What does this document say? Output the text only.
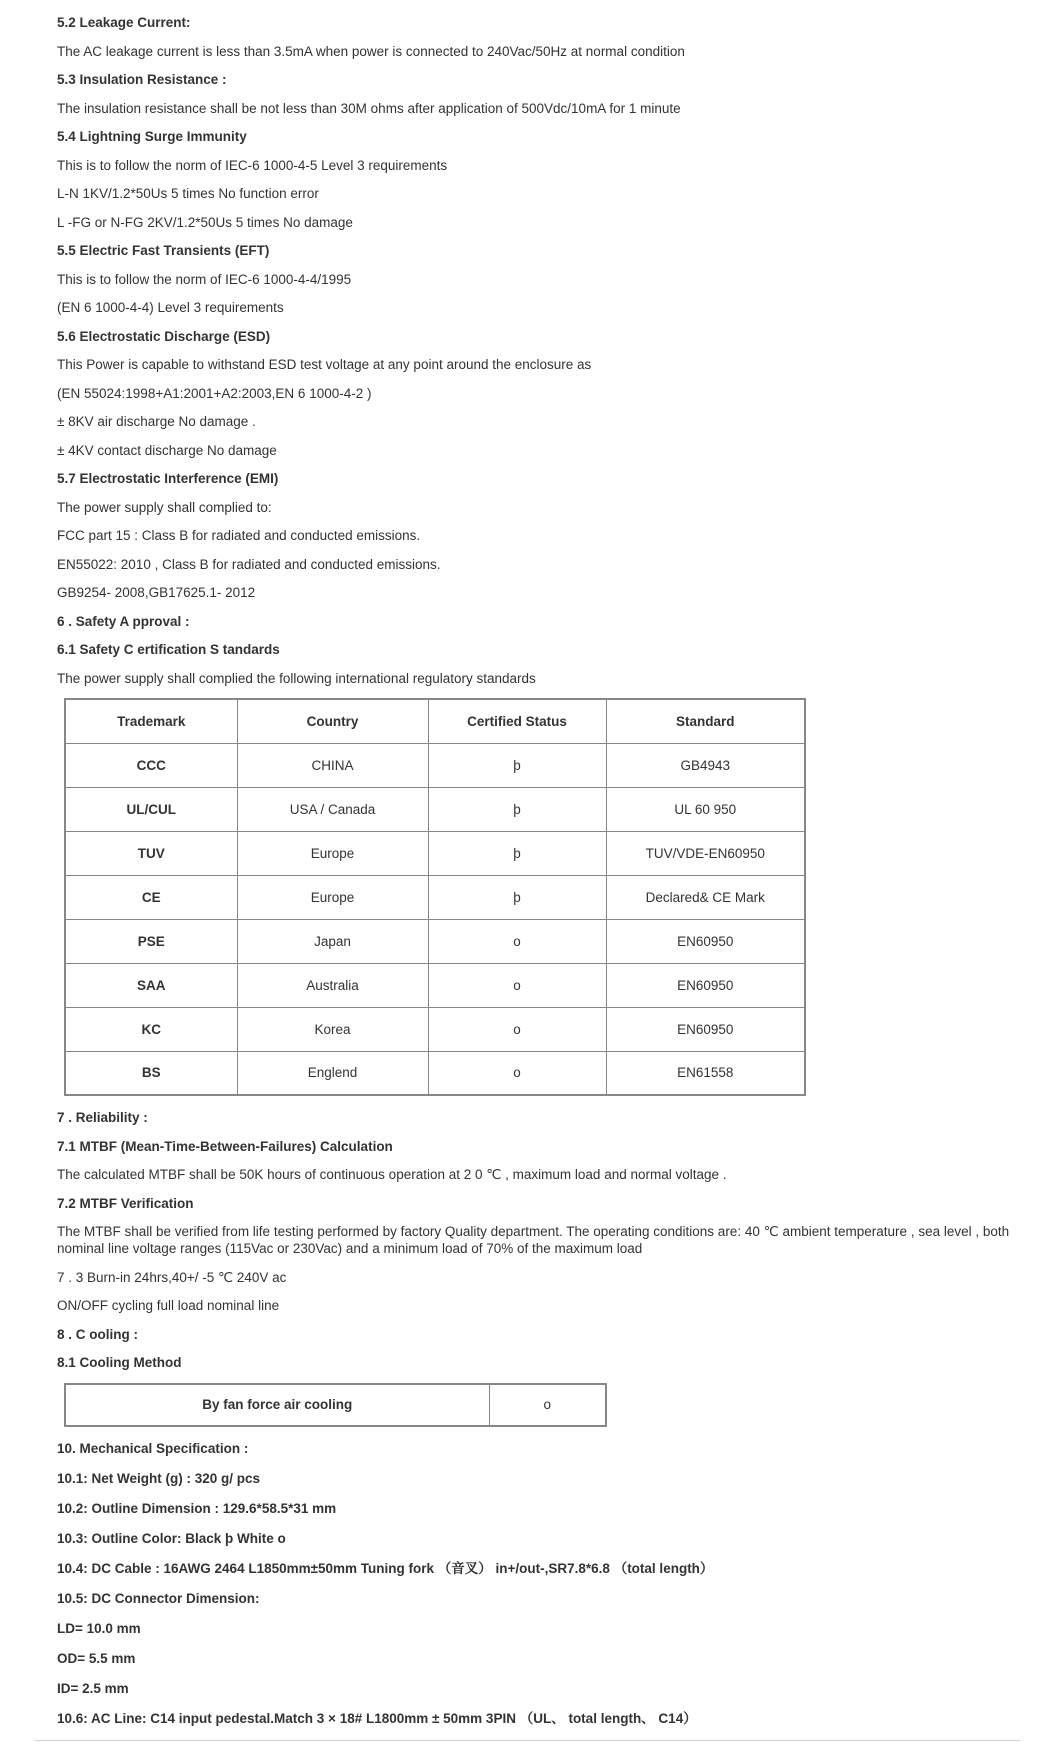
5.2 Leakage Current:

The AC leakage current is less than 3.5mA when power is connected to 240Vac/50Hz at normal condition

5.3 Insulation Resistance :

The insulation resistance shall be not less than 30M ohms after application of 500Vdc/10mA for 1 minute

5.4 Lightning Surge Immunity

This is to follow the norm of IEC-6 1000-4-5 Level 3 requirements

L-N 1KV/1.2*50Us 5 times No function error

L -FG or N-FG 2KV/1.2*50Us 5 times No damage

5.5 Electric Fast Transients (EFT)

This is to follow the norm of IEC-6 1000-4-4/1995

(EN 6 1000-4-4) Level 3 requirements

5.6 Electrostatic Discharge (ESD)

This Power is capable to withstand ESD test voltage at any point around the enclosure as

(EN 55024:1998+A1:2001+A2:2003,EN 6 1000-4-2 )

± 8KV air discharge No damage .

± 4KV contact discharge No damage

5.7 Electrostatic Interference (EMI)

The power supply shall complied to:

FCC part 15 : Class B for radiated and conducted emissions.

EN55022: 2010 , Class B for radiated and conducted emissions.

GB9254- 2008,GB17625.1- 2012

6 . Safety A pproval :

6.1 Safety C ertification S tandards

The power supply shall complied the following international regulatory standards

Trademark	Country	Certified Status	Standard
CCC	CHINA	þ	GB4943
UL/CUL	USA / Canada	þ	UL 60 950
TUV	Europe	þ	TUV/VDE-EN60950
CE	Europe	þ	Declared& CE Mark
PSE	Japan	o	EN60950
SAA	Australia	o	EN60950
KC	Korea	o	EN60950
BS	Englend	o	EN61558

7 . Reliability :

7.1 MTBF (Mean-Time-Between-Failures) Calculation

The calculated MTBF shall be 50K hours of continuous operation at 2 0 ℃ , maximum load and normal voltage .

7.2 MTBF Verification

The MTBF shall be verified from life testing performed by factory Quality department. The operating conditions are: 40 ℃ ambient temperature , sea level , both nominal line voltage ranges (115Vac or 230Vac) and a minimum load of 70% of the maximum load

7 . 3 Burn-in 24hrs,40+/ -5 ℃ 240V ac

ON/OFF cycling full load nominal line

8 . C ooling :

8.1 Cooling Method

By fan force air cooling	o

10. Mechanical Specification :

10.1: Net Weight (g) : 320 g/ pcs

10.2: Outline Dimension : 129.6*58.5*31 mm

10.3: Outline Color: Black þ White o

10.4: DC Cable : 16AWG 2464 L1850mm±50mm Tuning fork （音叉） in+/out-,SR7.8*6.8 （total length）

10.5: DC Connector Dimension:

LD= 10.0 mm

OD= 5.5 mm

ID= 2.5 mm

10.6: AC Line: C14 input pedestal.Match 3 × 18# L1800mm ± 50mm 3PIN （UL、 total length、 C14）
